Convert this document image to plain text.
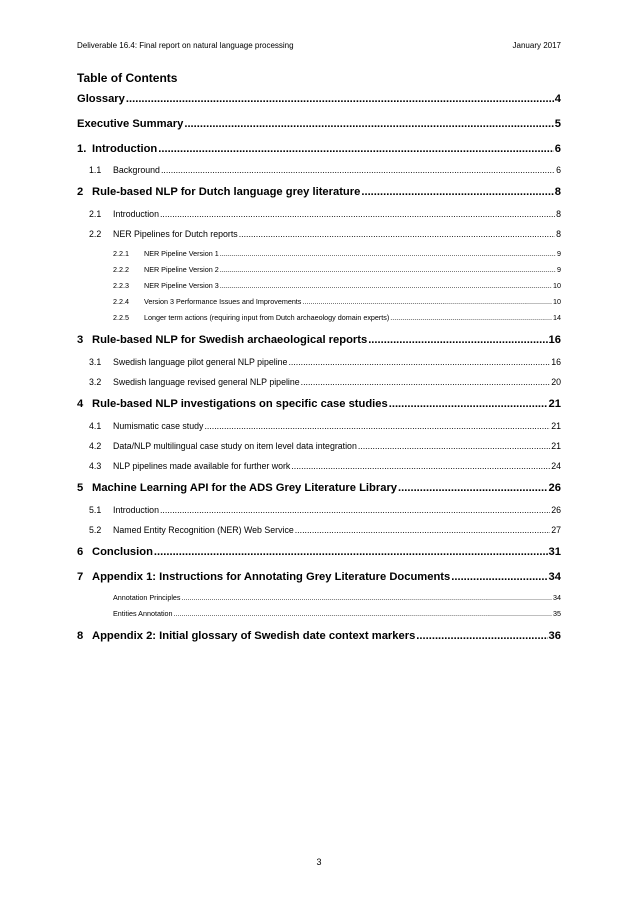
Deliverable 16.4: Final report on natural language processing	January 2017
Table of Contents
Glossary .....	4
Executive Summary .....	5
1. Introduction .....	6
1.1	Background .....	6
2 Rule-based NLP for Dutch language grey literature .....	8
2.1	Introduction .....	8
2.2	NER Pipelines for Dutch reports .....	8
2.2.1	NER Pipeline Version 1 .....	9
2.2.2	NER Pipeline Version 2 .....	9
2.2.3	NER Pipeline Version 3 .....	10
2.2.4	Version 3 Performance Issues and Improvements .....	10
2.2.5	Longer term actions (requiring input from Dutch archaeology domain experts) .....	14
3 Rule-based NLP for Swedish archaeological reports .....	16
3.1	Swedish language pilot general NLP pipeline .....	16
3.2	Swedish language revised general NLP pipeline .....	20
4 Rule-based NLP investigations on specific case studies .....	21
4.1	Numismatic case study .....	21
4.2	Data/NLP multilingual case study on item level data integration .....	21
4.3	NLP pipelines made available for further work .....	24
5 Machine Learning API for the ADS Grey Literature Library .....	26
5.1	Introduction .....	26
5.2	Named Entity Recognition (NER) Web Service .....	27
6 Conclusion .....	31
7 Appendix 1: Instructions for Annotating Grey Literature Documents .....	34
Annotation Principles .....	34
Entities Annotation .....	35
8 Appendix 2: Initial glossary of Swedish date context markers .....	36
3
